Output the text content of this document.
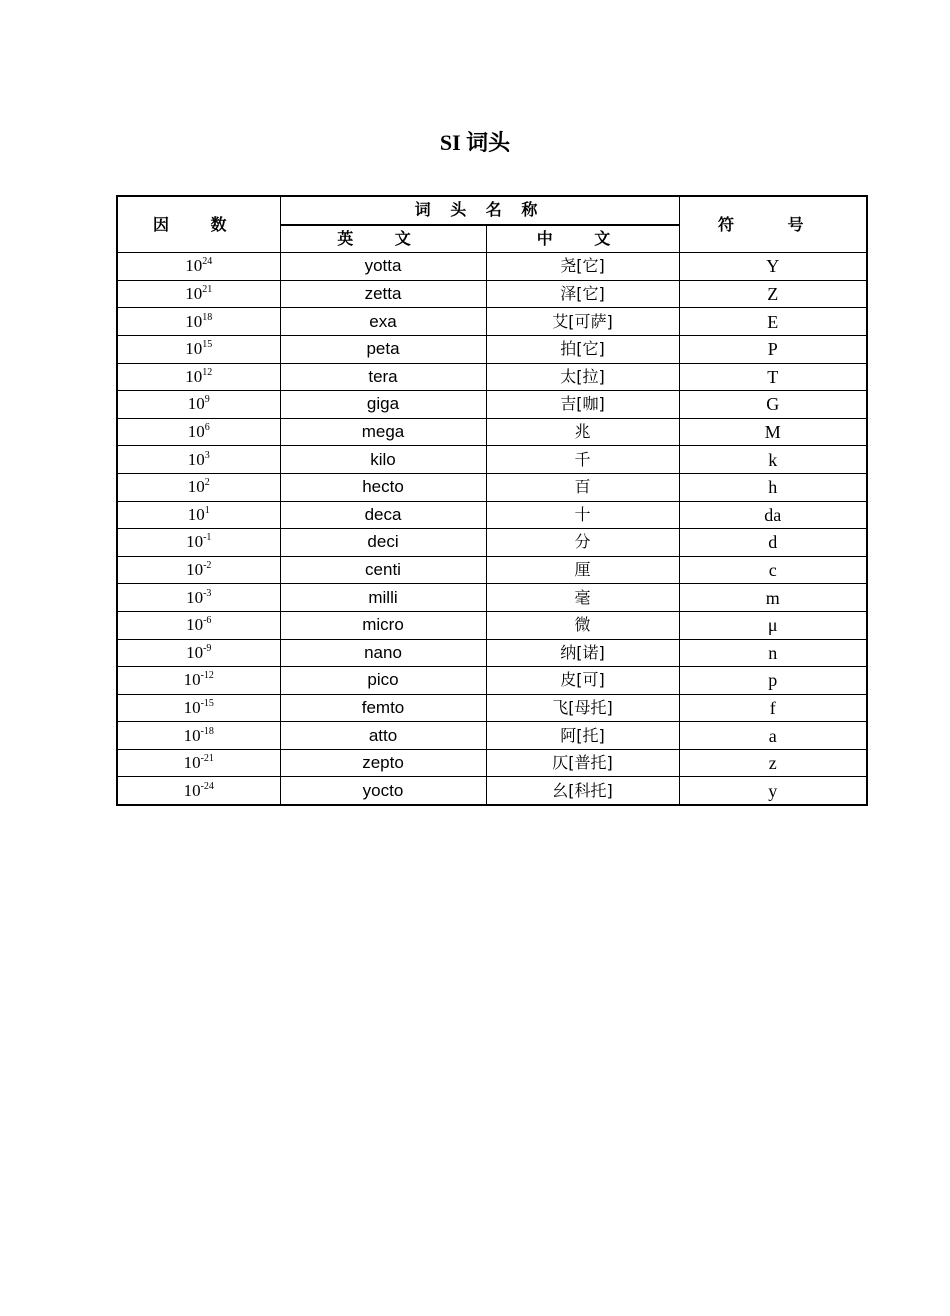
SI 词头
因 数	词 头 名 称		符 号
	英 文	中 文	
$10^{24}$	yotta	尧[它]	Y
$10^{21}$	zetta	泽[它]	Z
$10^{18}$	exa	艾[可萨]	E
$10^{15}$	peta	拍[它]	P
$10^{12}$	tera	太[拉]	T
$10^9$	giga	吉[咖]	G
$10^6$	mega	兆	M
$10^3$	kilo	千	k
$10^2$	hecto	百	h
$10^1$	deca	十	da
$10^{-1}$	deci	分	d
$10^{-2}$	centi	厘	c
$10^{-3}$	milli	毫	m
$10^{-6}$	micro	微	μ
$10^{-9}$	nano	纳[诺]	n
$10^{-12}$	pico	皮[可]	p
$10^{-15}$	femto	飞[母托]	f
$10^{-18}$	atto	阿[托]	a
$10^{-21}$	zepto	仄[普托]	z
$10^{-24}$	yocto	幺[科托]	y
